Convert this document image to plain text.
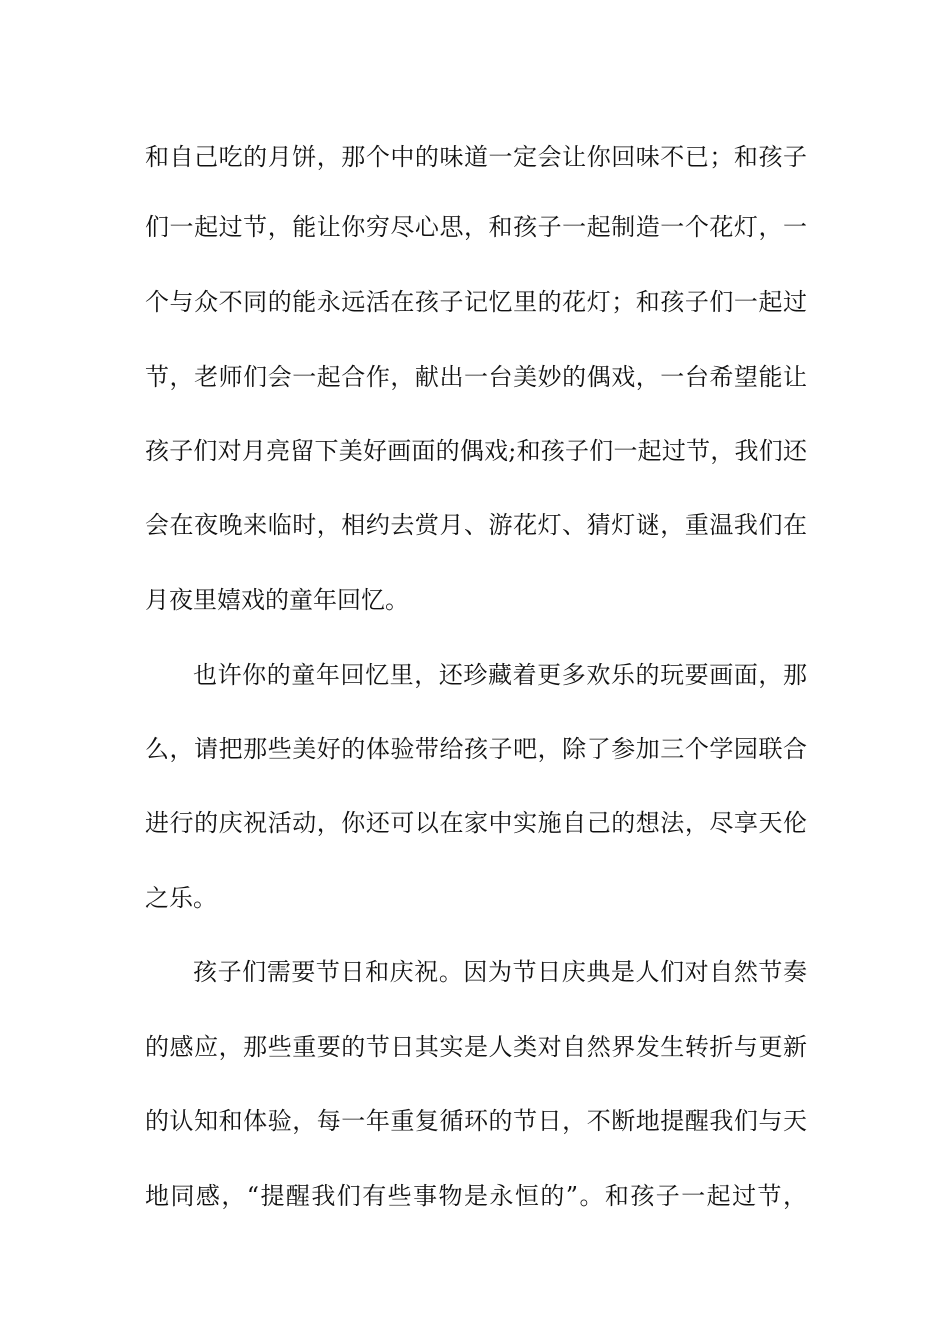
和自己吃的月饼，那个中的味道一定会让你回味不已；和孩子
们一起过节，能让你穷尽心思，和孩子一起制造一个花灯，一
个与众不同的能永远活在孩子记忆里的花灯；和孩子们一起过
节，老师们会一起合作，献出一台美妙的偶戏，一台希望能让
孩子们对月亮留下美好画面的偶戏;和孩子们一起过节，我们还
会在夜晚来临时，相约去赏月、游花灯、猜灯谜，重温我们在
月夜里嬉戏的童年回忆。
也许你的童年回忆里，还珍藏着更多欢乐的玩要画面，那
么，请把那些美好的体验带给孩子吧，除了参加三个学园联合
进行的庆祝活动，你还可以在家中实施自己的想法，尽享天伦
之乐。
孩子们需要节日和庆祝。因为节日庆典是人们对自然节奏
的感应，那些重要的节日其实是人类对自然界发生转折与更新
的认知和体验，每一年重复循环的节日，不断地提醒我们与天
地同感，“提醒我们有些事物是永恒的”。和孩子一起过节，
